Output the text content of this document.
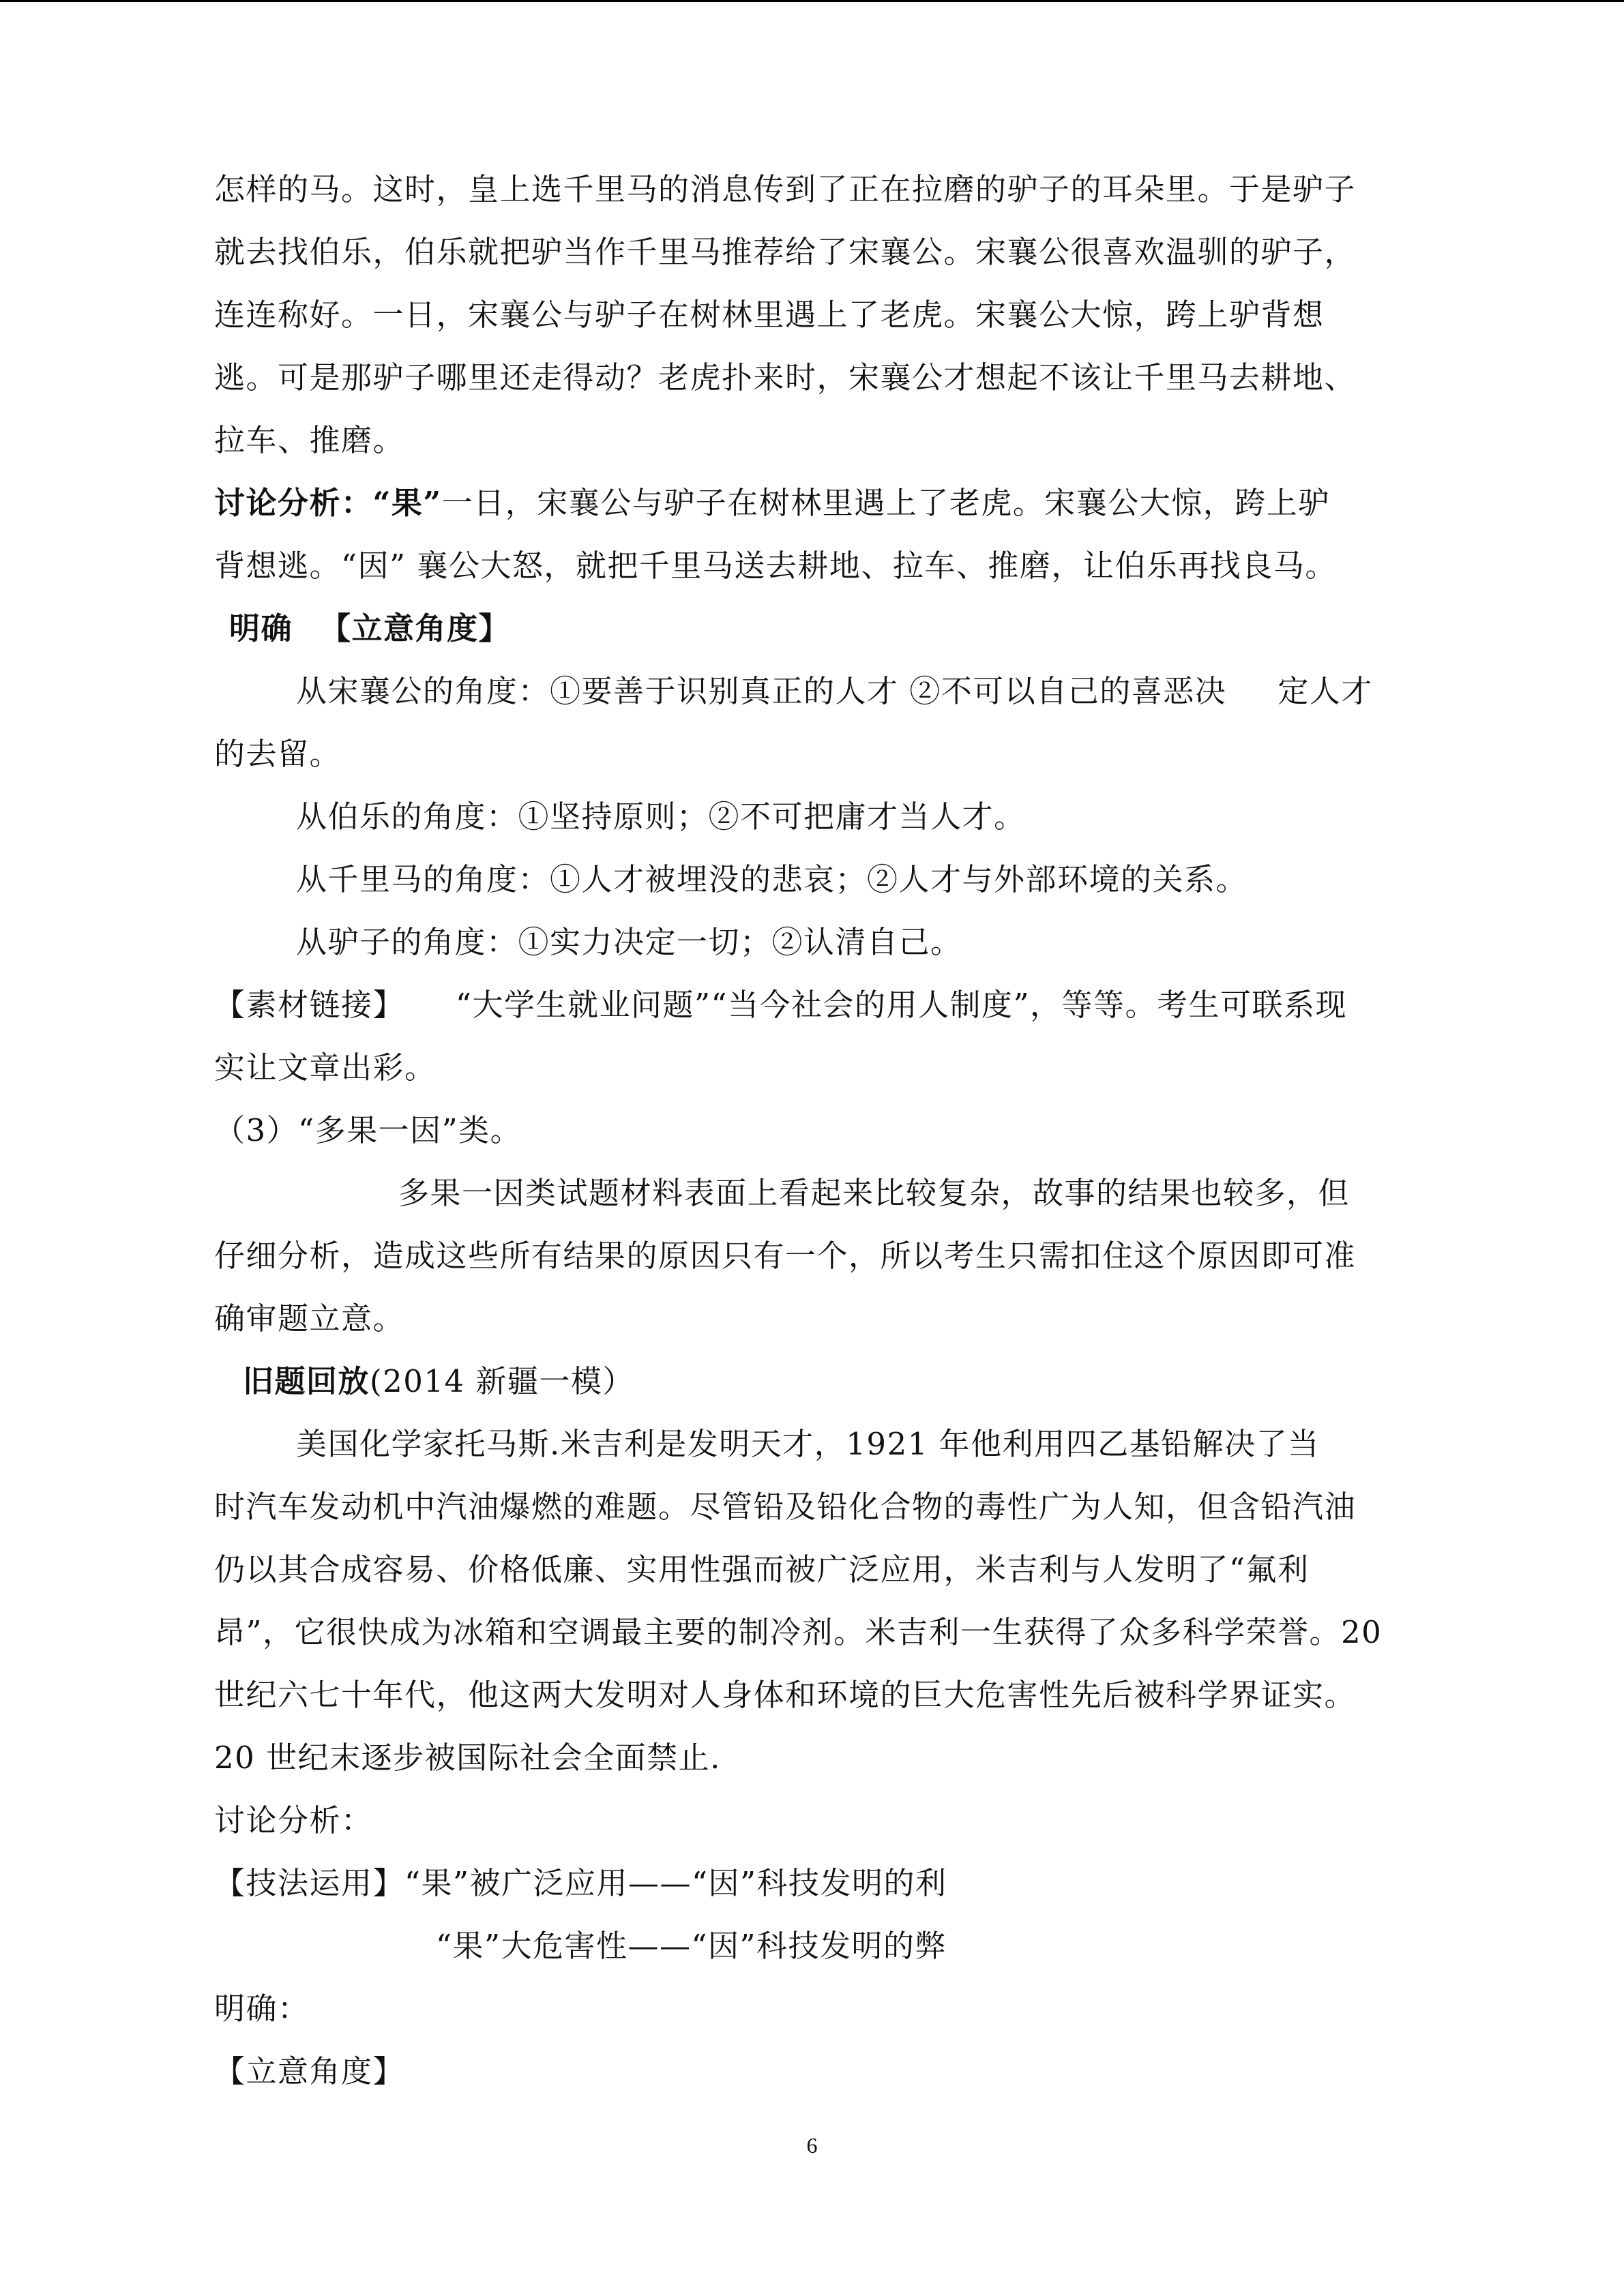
怎样的马。这时，皇上选千里马的消息传到了正在拉磨的驴子的耳朵里。于是驴子
就去找伯乐，伯乐就把驴当作千里马推荐给了宋襄公。宋襄公很喜欢温驯的驴子，
连连称好。一日，宋襄公与驴子在树林里遇上了老虎。宋襄公大惊，跨上驴背想
逃。可是那驴子哪里还走得动？老虎扑来时，宋襄公才想起不该让千里马去耕地、
拉车、推磨。
讨论分析：“果”一日，宋襄公与驴子在树林里遇上了老虎。宋襄公大惊，跨上驴
背想逃。“因” 襄公大怒，就把千里马送去耕地、拉车、推磨，让伯乐再找良马。
明确 【立意角度】
从宋襄公的角度：①要善于识别真正的人才 ②不可以自己的喜恶决 定人才
的去留。
从伯乐的角度：①坚持原则；②不可把庸才当人才。
从千里马的角度：①人才被埋没的悲哀；②人才与外部环境的关系。
从驴子的角度：①实力决定一切；②认清自己。
【素材链接】 “大学生就业问题”“当今社会的用人制度”，等等。考生可联系现
实让文章出彩。
（3）“多果一因”类。
多果一因类试题材料表面上看起来比较复杂，故事的结果也较多，但
仔细分析，造成这些所有结果的原因只有一个，所以考生只需扣住这个原因即可准
确审题立意。
旧题回放(2014 新疆一模）
美国化学家托马斯.米吉利是发明天才，1921 年他利用四乙基铅解决了当
时汽车发动机中汽油爆燃的难题。尽管铅及铅化合物的毒性广为人知，但含铅汽油
仍以其合成容易、价格低廉、实用性强而被广泛应用，米吉利与人发明了“氟利
昂”，它很快成为冰箱和空调最主要的制冷剂。米吉利一生获得了众多科学荣誉。20
世纪六七十年代，他这两大发明对人身体和环境的巨大危害性先后被科学界证实。
20 世纪末逐步被国际社会全面禁止.
讨论分析：
【技法运用】“果”被广泛应用——“因”科技发明的利
“果”大危害性——“因”科技发明的弊
明确：
【立意角度】
6
